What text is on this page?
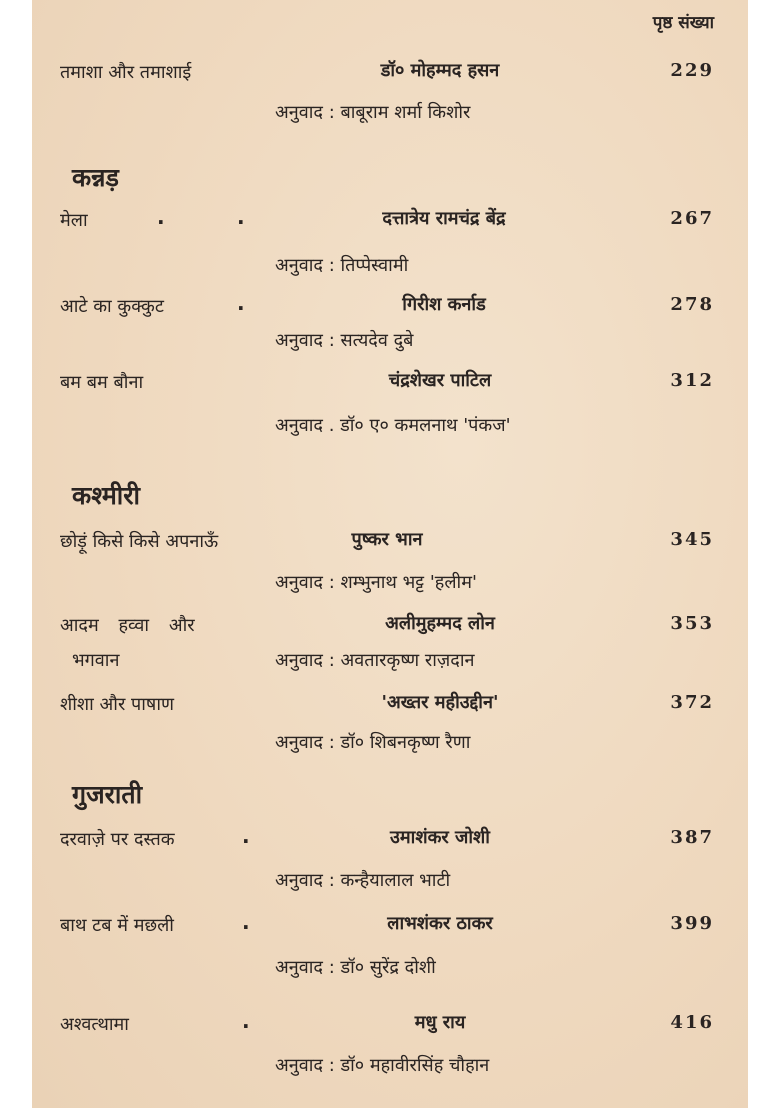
पृष्ठ संख्या
तमाशा और तमाशाई	डॉ० मोहम्मद हसन	229
अनुवाद : बाबूराम शर्मा किशोर
कन्नड़
मेला	.	.	दत्तात्रेय रामचंद्र बेंद्र	267
अनुवाद : तिप्पेस्वामी
आटे का कुक्कुट	.	गिरीश कर्नाड	278
अनुवाद : सत्यदेव दुबे
बम बम बौना	चंद्रशेखर पाटिल	312
अनुवाद . डॉ० ए० कमलनाथ 'पंकज'
कश्मीरी
छोड़ूं किसे किसे अपनाऊँ	पुष्कर भान	345
अनुवाद : शम्भुनाथ भट्ट 'हलीम'
आदम हव्वा और	अलीमुहम्मद लोन	353
भगवान	अनुवाद : अवतारकृष्ण राज़दान
शीशा और पाषाण	'अख्तर महीउद्दीन'	372
अनुवाद : डॉ० शिबनकृष्ण रैणा
गुजराती
दरवाज़े पर दस्तक	.	उमाशंकर जोशी	387
अनुवाद : कन्हैयालाल भाटी
बाथ टब में मछली	.	लाभशंकर ठाकर	399
अनुवाद : डॉ० सुरेंद्र दोशी
अश्वत्थामा	.	मधु राय	416
अनुवाद : डॉ० महावीरसिंह चौहान
